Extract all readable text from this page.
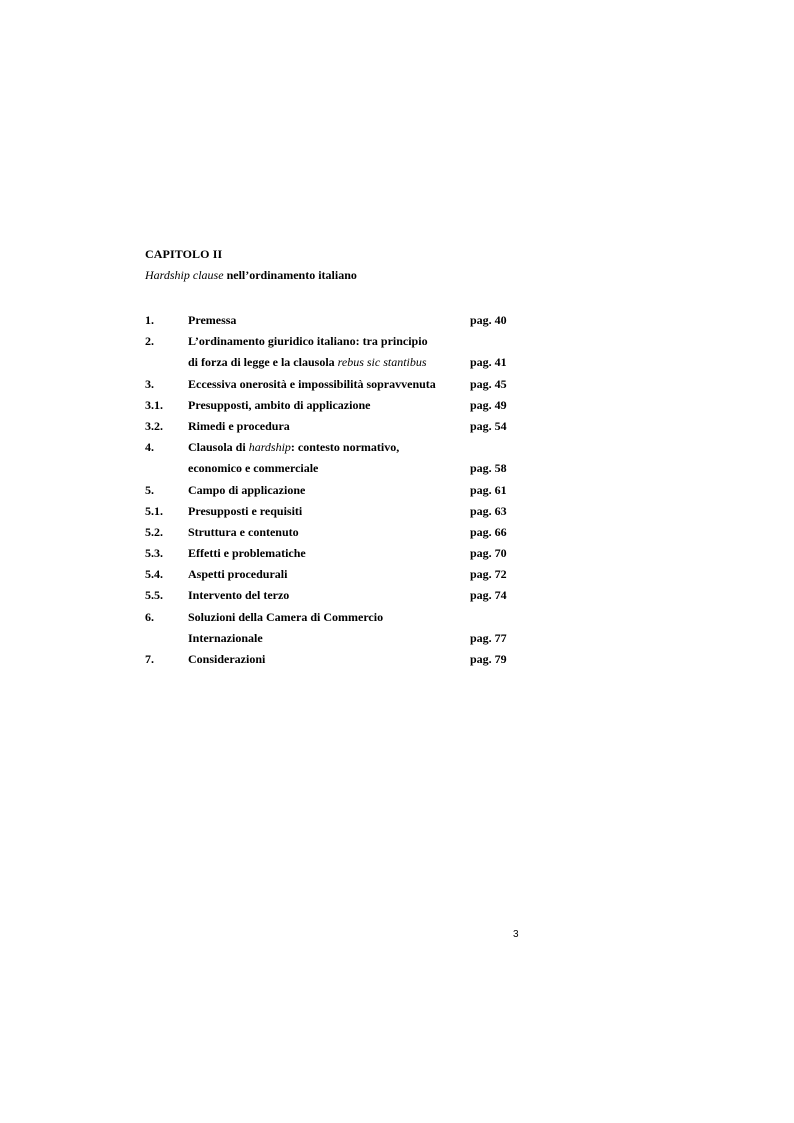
CAPITOLO II
Hardship clause nell’ordinamento italiano
1.	Premessa	pag. 40
2.	L’ordinamento giuridico italiano: tra principio
di forza di legge e la clausola rebus sic stantibus	pag. 41
3.	Eccessiva onerosità e impossibilità sopravvenuta	pag. 45
3.1. Presupposti, ambito di applicazione	pag. 49
3.2. Rimedi e procedura	pag. 54
4.	Clausola di hardship: contesto normativo,
economico e commerciale	pag. 58
5.	Campo di applicazione	pag. 61
5.1. Presupposti e requisiti	pag. 63
5.2. Struttura e contenuto	pag. 66
5.3. Effetti e problematiche	pag. 70
5.4. Aspetti procedurali	pag. 72
5.5. Intervento del terzo	pag. 74
6.	Soluzioni della Camera di Commercio
Internazionale	pag. 77
7.	Considerazioni	pag. 79
3
